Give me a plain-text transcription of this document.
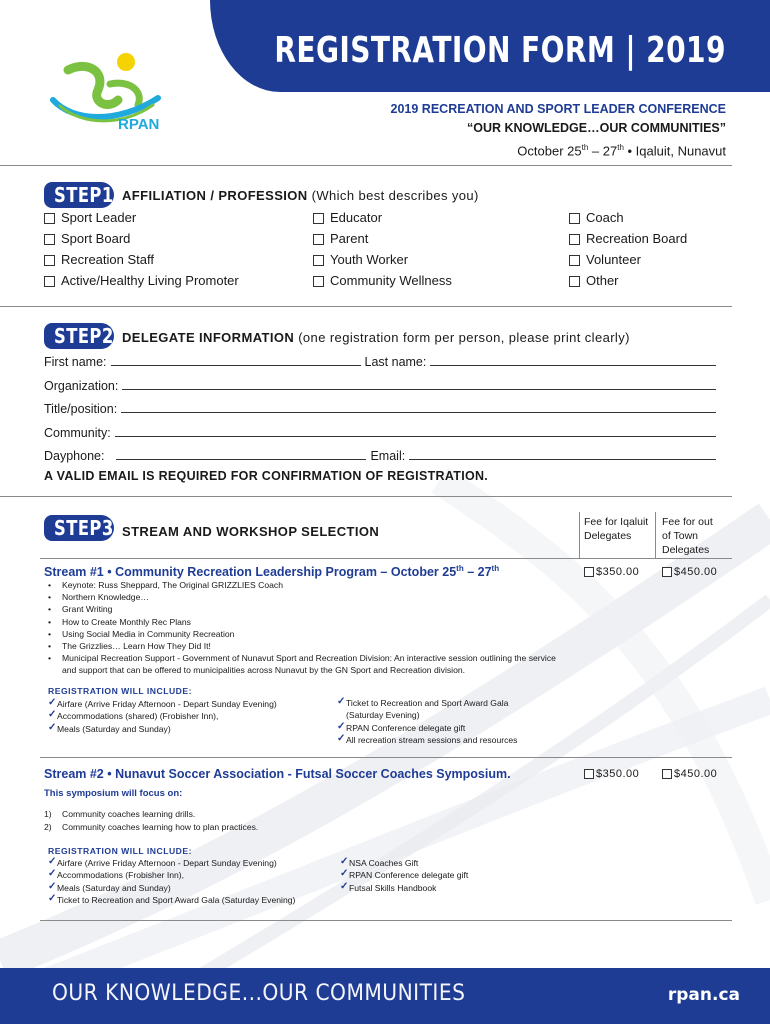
REGISTRATION FORM | 2019
RPAN
2019 RECREATION AND SPORT LEADER CONFERENCE
“OUR KNOWLEDGE…OUR COMMUNITIES”
October 25th – 27th • Iqaluit, Nunavut
STEP1 AFFILIATION / PROFESSION (Which best describes you)
Sport Leader
Sport Board
Recreation Staff
Active/Healthy Living Promoter
Educator
Parent
Youth Worker
Community Wellness
Coach
Recreation Board
Volunteer
Other
STEP2 DELEGATE INFORMATION (one registration form per person, please print clearly)
First name:	Last name:
Organization:
Title/position:
Community:
Dayphone:	Email:
A VALID EMAIL IS REQUIRED FOR CONFIRMATION OF REGISTRATION.
STEP3 STREAM AND WORKSHOP SELECTION
Fee for Iqaluit
Delegates
Fee for out
of Town
Delegates
Stream #1 • Community Recreation Leadership Program – October 25th – 27th	$350.00	$450.00
• Keynote: Russ Sheppard, The Original GRIZZLIES Coach
• Northern Knowledge…
• Grant Writing
• How to Create Monthly Rec Plans
• Using Social Media in Community Recreation
• The Grizzlies… Learn How They Did It!
• Municipal Recreation Support - Government of Nunavut Sport and Recreation Division: An interactive session outlining the service and support that can be offered to municipalities across Nunavut by the GN Sport and Recreation division.
REGISTRATION WILL INCLUDE:
✓ Airfare (Arrive Friday Afternoon - Depart Sunday Evening)
✓ Accommodations (shared) (Frobisher Inn),
✓ Meals (Saturday and Sunday)
✓ Ticket to Recreation and Sport Award Gala
(Saturday Evening)
✓ RPAN Conference delegate gift
✓ All recreation stream sessions and resources
Stream #2 • Nunavut Soccer Association - Futsal Soccer Coaches Symposium.	$350.00	$450.00
This symposium will focus on:
1) Community coaches learning drills.
2) Community coaches learning how to plan practices.
REGISTRATION WILL INCLUDE:
✓ Airfare (Arrive Friday Afternoon - Depart Sunday Evening)
✓ Accommodations (Frobisher Inn),
✓ Meals (Saturday and Sunday)
✓ Ticket to Recreation and Sport Award Gala (Saturday Evening)
✓ NSA Coaches Gift
✓ RPAN Conference delegate gift
✓ Futsal Skills Handbook
OUR KNOWLEDGE...OUR COMMUNITIES	rpan.ca
